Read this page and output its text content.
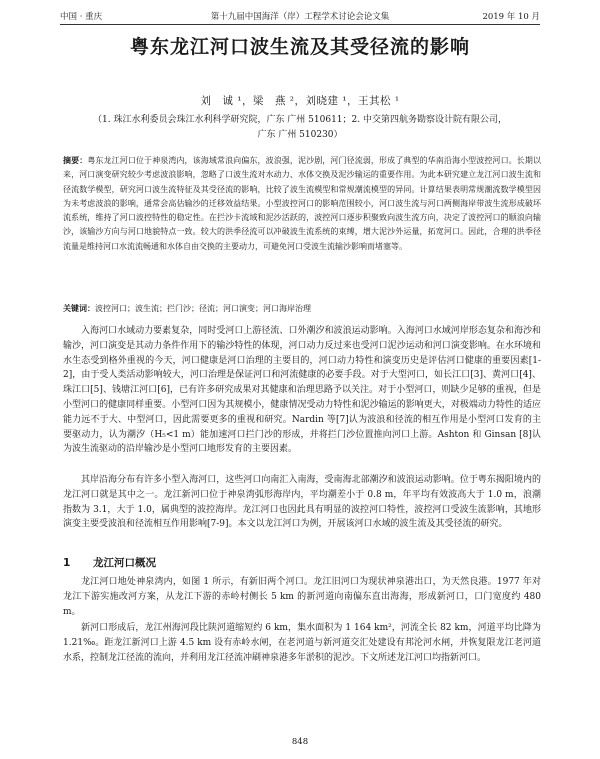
中国 · 重庆	第十九届中国海洋（岸）工程学术讨论会论文集	2019 年 10 月
粤东龙江河口波生流及其受径流的影响
刘　诚 ¹，梁　燕 ²，刘晓建 ¹，王其松 ¹
（1. 珠江水利委员会珠江水利科学研究院，广东 广州 510611；2. 中交第四航务勘察设计院有限公司，
广东 广州 510230）
摘要：粤东龙江河口位于神泉湾内，该海域常浪向偏东，波浪强，泥沙剧，河门径流弱，形成了典型的华南沿海小型波控河口。长期以来，河口演变研究较少考虑波浪影响，忽略了口波生流对水动力、水体交换及泥沙输运的重要作用。为此本研究建立龙江河口波生流和径流数学模型，研究河口波生流特征及其受径流的影响，比较了波生流模型和常规潮流模型的异同。计算结果表明常规潮流数学模型因为未考虑波浪的影响，通常会高估输沙的迁移效益结果。小型波控河口的影响范围较小，河口波生流与河口两侧海岸带波生流形成破坏流系统，维持了河口波控特性的稳定性。在拦沙卡流域和泥沙活跃的，波控河口逐步积聚致向波生流方向，决定了波控河口的顺浪向输沙，该输沙方向与河口地貌特点一致。较大的洪季径流可以冲破波生流系统的束缚，增大泥沙外运量，拓宽河口。因此，合理的洪季径流量是维持河口水流流畅通和水体自由交换的主要动力，可避免河口受波生流输沙影响而堵塞等。
关键词：波控河口；波生流；拦门沙；径流；河口演变；河口海岸治理

入海河口水域动力要素复杂，同时受河口上游径流、口外潮汐和波浪运动影响。入海河口水域河岸形态复杂和海沙和输沙，河口演变是其动力条件作用下的输沙特性的体现，河口动力反过来也受河口泥沙运动和河口演变影响。在水环境和水生态受到格外重视的今天，河口健康是河口治理的主要目的，河口动力特性和演变历史是评估河口健康的重要因素[1-2]，由于受人类活动影响较大，河口治理是保证河口和河流健康的必要手段。对于大型河口，如长江口[3]、黄河口[4]、珠江口[5]、钱塘江河口[6]，已有许多研究成果对其健康和治理思路予以关注。对于小型河口，则缺少足够的重视，但是小型河口的健康同样重要。小型河口因为其规模小，健康情况受动力特性和泥沙输运的影响更大，对极端动力特性的适应能力远不于大、中型河口，因此需要更多的重视和研究。Nardin 等[7]认为波浪和径流的相互作用是小型河口发育的主要驱动力，认为潮汐（H₅<1 m）能加速河口拦门沙的形成，并将拦门沙位置推向河口上游。Ashton 和 Ginsan [8]认为波生流驱动的沿岸输沙是小型河口地形发育的主要因素。

其岸沿海分布有许多小型入海河口，这些河口向南汇入南海，受南海北部潮汐和波浪运动影响。位于粤东揭阳境内的龙江河口就是其中之一。龙江新河口位于神泉湾弧形海岸内，平均潮差小于 0.8 m，年平均有效波高大于 1.0 m，浪潮指数为 3.1，大于 1.0，属典型的波控海岸。龙江河口也因此具有明显的波控河口特性，波控河口受波生流影响，其地形演变主要受波浪和径流相互作用影响[7-9]。本文以龙江河口为例，开展该河口水域的波生流及其受径流的研究。

1 龙江河口概况

龙江河口地处神泉湾内，如图 1 所示，有新旧两个河口。龙江旧河口为现状神泉港出口，为天然良港。1977 年对龙江下游实施改河方案，从龙江下游的赤岭村侧长 5 km 的新河道向南偏东直出海海，形成新河口，口门宽度约 480 m。

新河口形成后，龙江州海河段比陕河道缩短约 6 km，集水面积为 1 164 km²，河流全长 82 km，河道平均比降为 1.21‰。距龙江新河口上游 4.5 km 设有赤岭水闸，在老河道与新河道交汇处建设有邦沦河水闸，并恢复限龙江老河道水系，控制龙江径流的流向，并利用龙江径流冲刷神泉港多年淤积的泥沙。下文所述龙江河口均指新河口。

848
